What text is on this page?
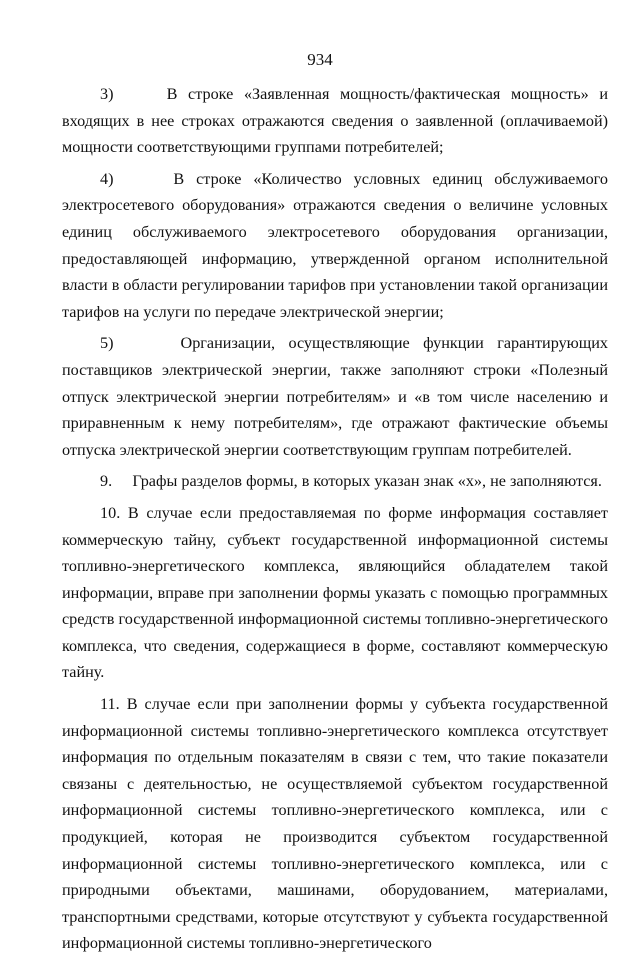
934

3)     В строке «Заявленная мощность/фактическая мощность» и входящих в нее строках отражаются сведения о заявленной (оплачиваемой) мощности соответствующими группами потребителей;

4)     В строке «Количество условных единиц обслуживаемого электросетевого оборудования» отражаются сведения о величине условных единиц обслуживаемого электросетевого оборудования организации, предоставляющей информацию, утвержденной органом исполнительной власти в области регулировании тарифов при установлении такой организации тарифов на услуги по передаче электрической энергии;

5)     Организации, осуществляющие функции гарантирующих поставщиков электрической энергии, также заполняют строки «Полезный отпуск электрической энергии потребителям» и «в том числе населению и приравненным к нему потребителям», где отражают фактические объемы отпуска электрической энергии соответствующим группам потребителей.

9.     Графы разделов формы, в которых указан знак «х», не заполняются.

10. В случае если предоставляемая по форме информация составляет коммерческую тайну, субъект государственной информационной системы топливно-энергетического комплекса, являющийся обладателем такой информации, вправе при заполнении формы указать с помощью программных средств государственной информационной системы топливно-энергетического комплекса, что сведения, содержащиеся в форме, составляют коммерческую тайну.

11. В случае если при заполнении формы у субъекта государственной информационной системы топливно-энергетического комплекса отсутствует информация по отдельным показателям в связи с тем, что такие показатели связаны с деятельностью, не осуществляемой субъектом государственной информационной системы топливно-энергетического комплекса, или с продукцией, которая не производится субъектом государственной информационной системы топливно-энергетического комплекса, или с природными объектами, машинами, оборудованием, материалами, транспортными средствами, которые отсутствуют у субъекта государственной информационной системы топливно-энергетического
